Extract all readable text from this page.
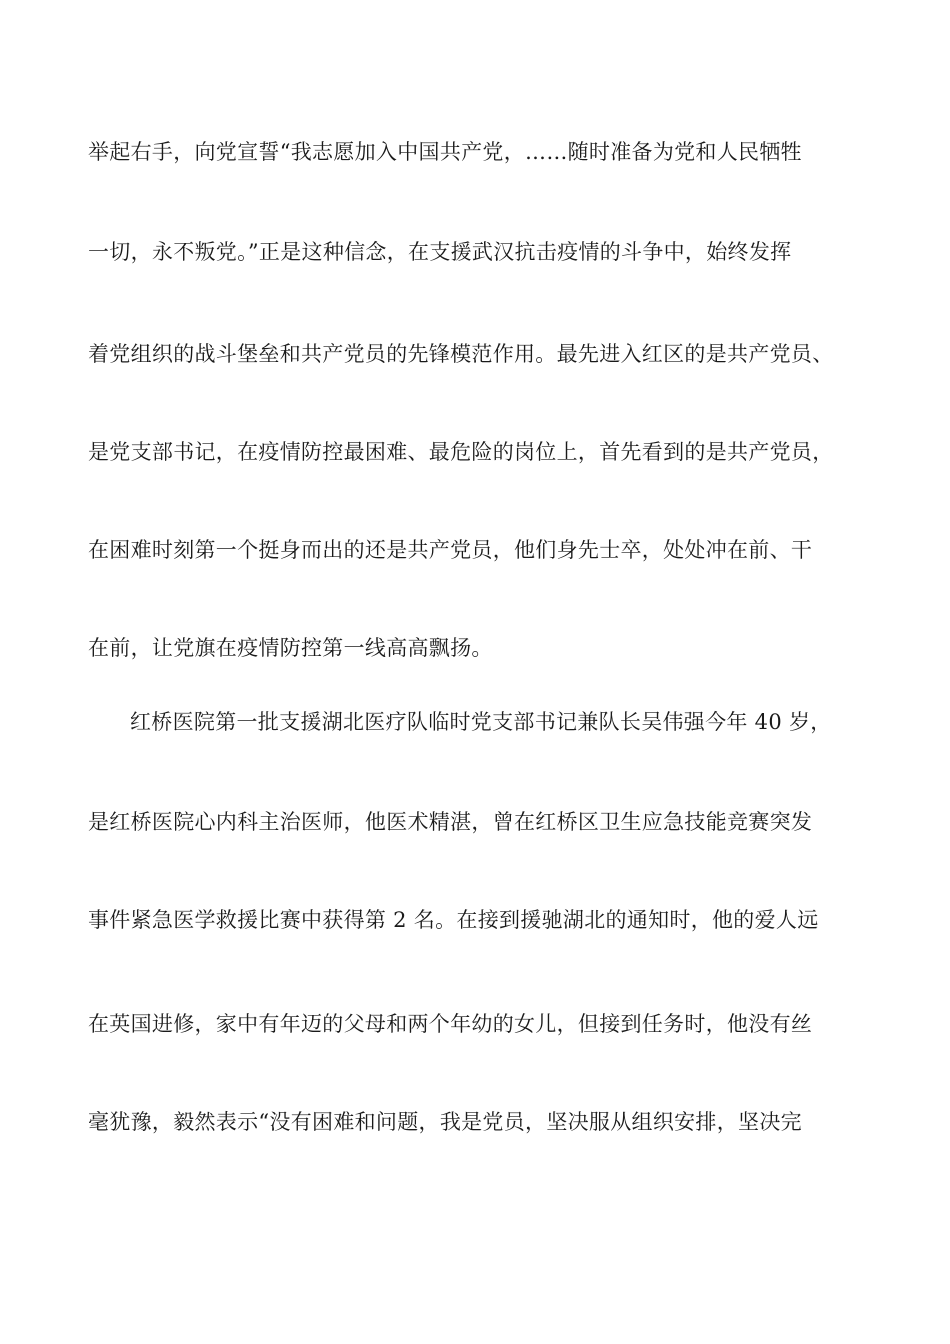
举起右手，向党宣誓“我志愿加入中国共产党，……随时准备为党和人民牺牲
一切，永不叛党。”正是这种信念，在支援武汉抗击疫情的斗争中，始终发挥
着党组织的战斗堡垒和共产党员的先锋模范作用。最先进入红区的是共产党员、
是党支部书记，在疫情防控最困难、最危险的岗位上，首先看到的是共产党员，
在困难时刻第一个挺身而出的还是共产党员，他们身先士卒，处处冲在前、干
在前，让党旗在疫情防控第一线高高飘扬。
红桥医院第一批支援湖北医疗队临时党支部书记兼队长吴伟强今年 40 岁，
是红桥医院心内科主治医师，他医术精湛，曾在红桥区卫生应急技能竞赛突发
事件紧急医学救援比赛中获得第 2 名。在接到援驰湖北的通知时，他的爱人远
在英国进修，家中有年迈的父母和两个年幼的女儿，但接到任务时，他没有丝
毫犹豫，毅然表示“没有困难和问题，我是党员，坚决服从组织安排，坚决完
